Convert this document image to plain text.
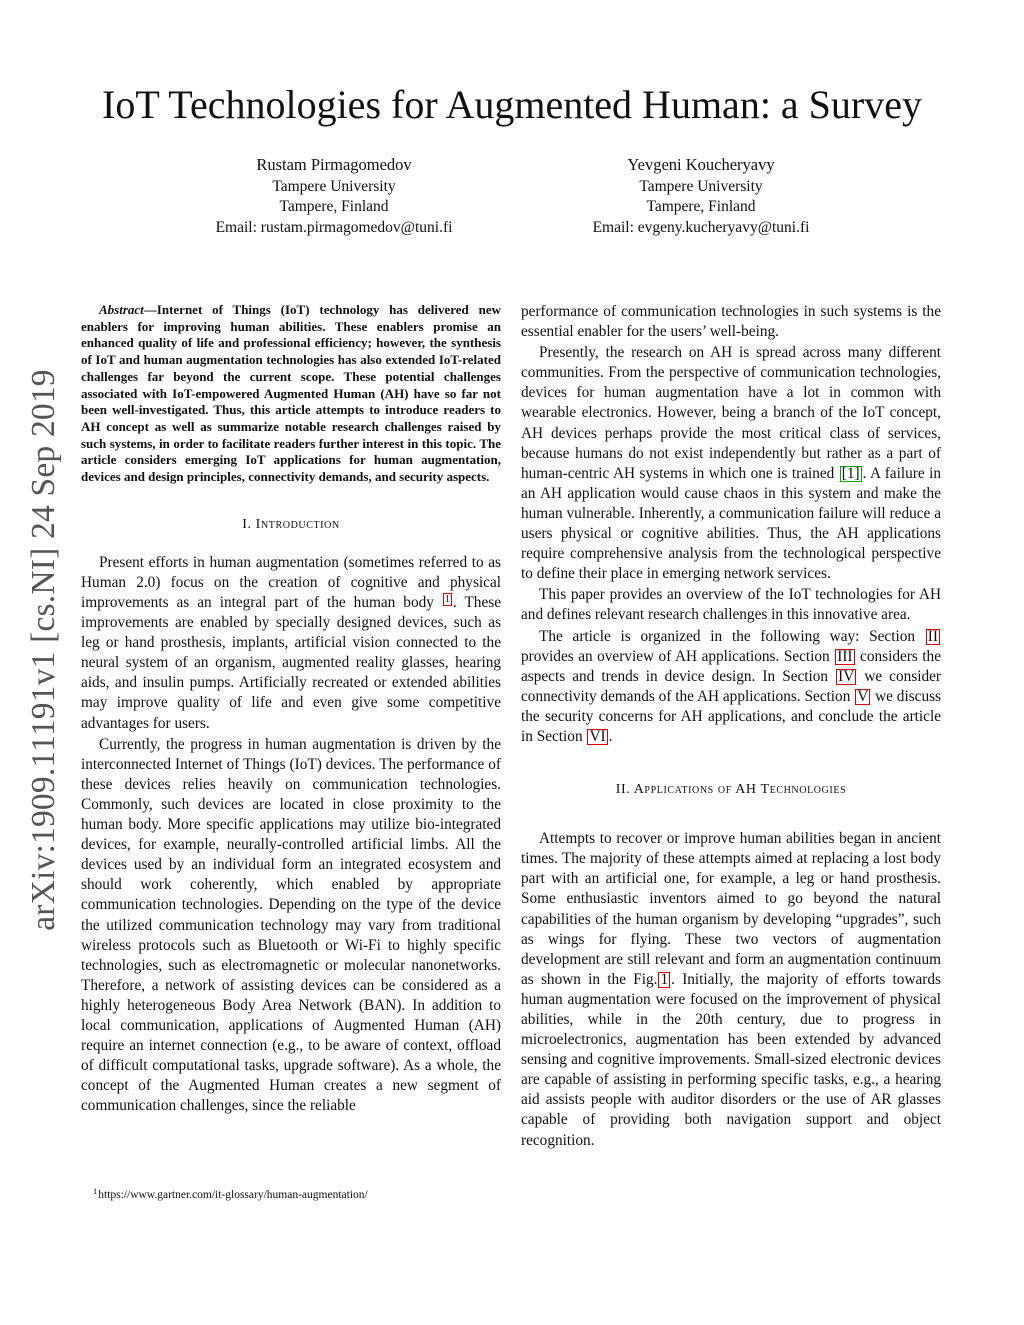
arXiv:1909.11191v1 [cs.NI] 24 Sep 2019
IoT Technologies for Augmented Human: a Survey
Rustam Pirmagomedov
Tampere University
Tampere, Finland
Email: rustam.pirmagomedov@tuni.fi
Yevgeni Koucheryavy
Tampere University
Tampere, Finland
Email: evgeny.kucheryavy@tuni.fi

Abstract—Internet of Things (IoT) technology has delivered new enablers for improving human abilities. These enablers promise an enhanced quality of life and professional efficiency; however, the synthesis of IoT and human augmentation technologies has also extended IoT-related challenges far beyond the current scope. These potential challenges associated with IoT-empowered Augmented Human (AH) have so far not been well-investigated. Thus, this article attempts to introduce readers to AH concept as well as summarize notable research challenges raised by such systems, in order to facilitate readers further interest in this topic. The article considers emerging IoT applications for human augmentation, devices and design principles, connectivity demands, and security aspects.

I. Introduction

Present efforts in human augmentation (sometimes referred to as Human 2.0) focus on the creation of cognitive and physical improvements as an integral part of the human body 1 . These improvements are enabled by specially designed devices, such as leg or hand prosthesis, implants, artificial vision connected to the neural system of an organism, augmented reality glasses, hearing aids, and insulin pumps. Artificially recreated or extended abilities may improve quality of life and even give some competitive advantages for users.

Currently, the progress in human augmentation is driven by the interconnected Internet of Things (IoT) devices. The performance of these devices relies heavily on communication technologies. Commonly, such devices are located in close proximity to the human body. More specific applications may utilize bio-integrated devices, for example, neurally-controlled artificial limbs. All the devices used by an individual form an integrated ecosystem and should work coherently, which enabled by appropriate communication technologies. Depending on the type of the device the utilized communication technology may vary from traditional wireless protocols such as Bluetooth or Wi-Fi to highly specific technologies, such as electromagnetic or molecular nanonetworks. Therefore, a network of assisting devices can be considered as a highly heterogeneous Body Area Network (BAN). In addition to local communication, applications of Augmented Human (AH) require an internet connection (e.g., to be aware of context, offload of difficult computational tasks, upgrade software). As a whole, the concept of the Augmented Human creates a new segment of communication challenges, since the reliable

performance of communication technologies in such systems is the essential enabler for the users’ well-being.

Presently, the research on AH is spread across many different communities. From the perspective of communication technologies, devices for human augmentation have a lot in common with wearable electronics. However, being a branch of the IoT concept, AH devices perhaps provide the most critical class of services, because humans do not exist independently but rather as a part of human-centric AH systems in which one is trained [1] . A failure in an AH application would cause chaos in this system and make the human vulnerable. Inherently, a communication failure will reduce a users physical or cognitive abilities. Thus, the AH applications require comprehensive analysis from the technological perspective to define their place in emerging network services.

This paper provides an overview of the IoT technologies for AH and defines relevant research challenges in this innovative area.

The article is organized in the following way: Section II provides an overview of AH applications. Section III considers the aspects and trends in device design. In Section IV we consider connectivity demands of the AH applications. Section V we discuss the security concerns for AH applications, and conclude the article in Section VI .

II. Applications of AH Technologies

Attempts to recover or improve human abilities began in ancient times. The majority of these attempts aimed at replacing a lost body part with an artificial one, for example, a leg or hand prosthesis. Some enthusiastic inventors aimed to go beyond the natural capabilities of the human organism by developing “upgrades”, such as wings for flying. These two vectors of augmentation development are still relevant and form an augmentation continuum as shown in the Fig. 1 . Initially, the majority of efforts towards human augmentation were focused on the improvement of physical abilities, while in the 20th century, due to progress in microelectronics, augmentation has been extended by advanced sensing and cognitive improvements. Small-sized electronic devices are capable of assisting in performing specific tasks, e.g., a hearing aid assists people with auditor disorders or the use of AR glasses capable of providing both navigation support and object recognition.

$^1$https://www.gartner.com/it-glossary/human-augmentation/
